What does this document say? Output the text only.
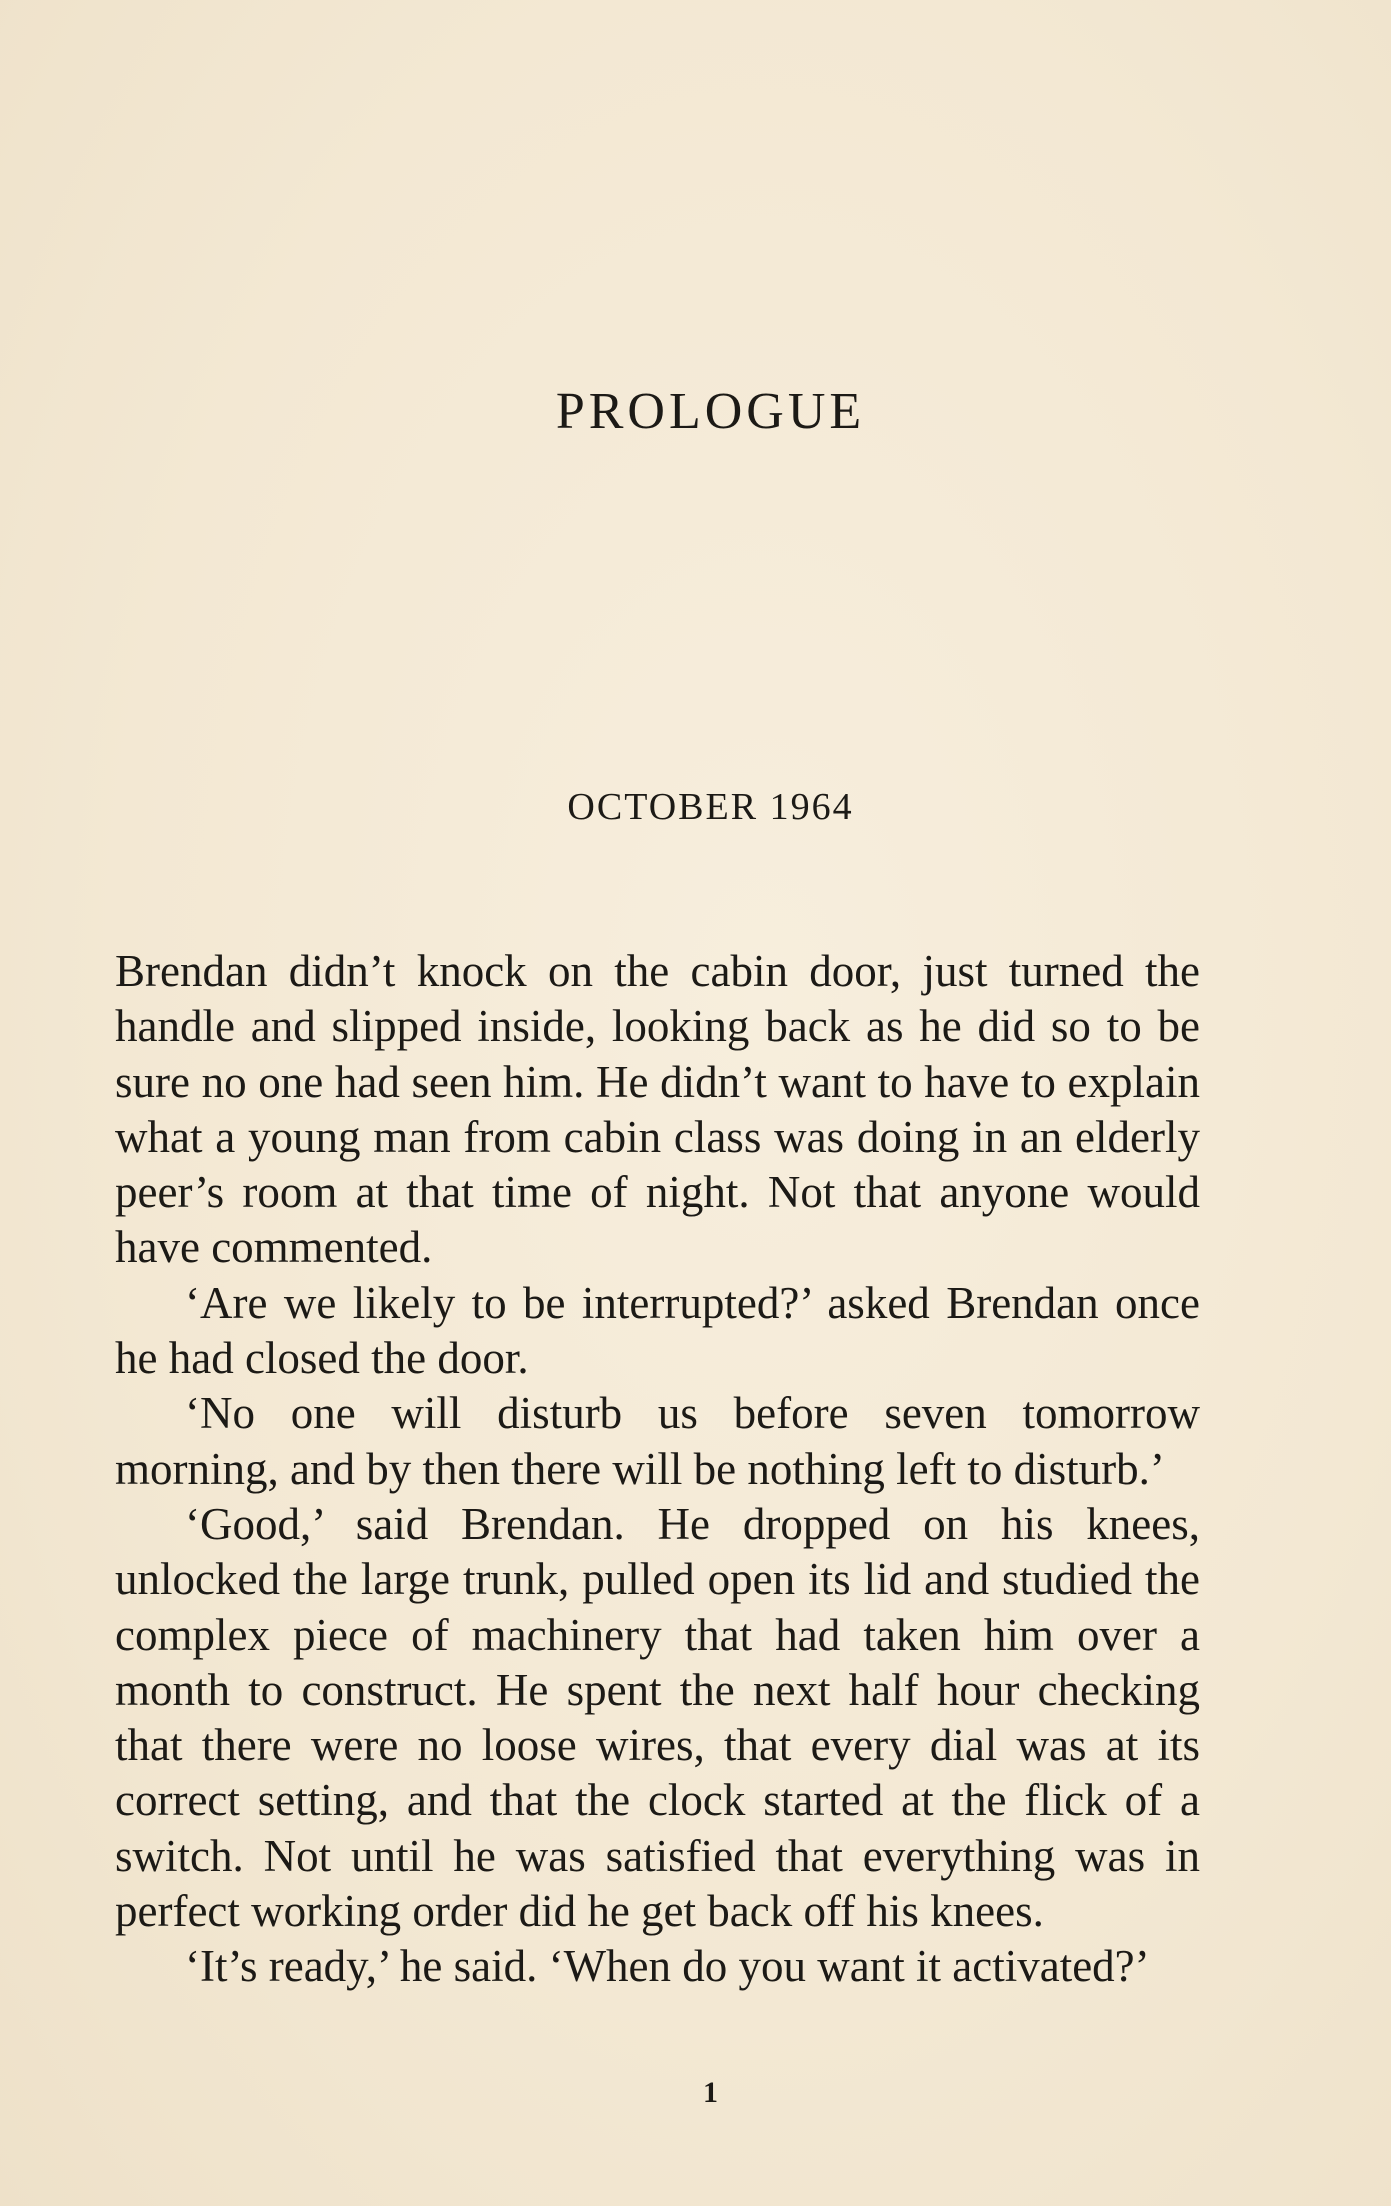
PROLOGUE
OCTOBER 1964

Brendan didn’t knock on the cabin door, just turned the handle and slipped inside, looking back as he did so to be sure no one had seen him. He didn’t want to have to explain what a young man from cabin class was doing in an elderly peer’s room at that time of night. Not that anyone would have commented.

‘Are we likely to be interrupted?’ asked Brendan once he had closed the door.

‘No one will disturb us before seven tomorrow morning, and by then there will be nothing left to disturb.’

‘Good,’ said Brendan. He dropped on his knees, unlocked the large trunk, pulled open its lid and studied the complex piece of machinery that had taken him over a month to construct. He spent the next half hour checking that there were no loose wires, that every dial was at its correct setting, and that the clock started at the flick of a switch. Not until he was satisfied that everything was in perfect working order did he get back off his knees.

‘It’s ready,’ he said. ‘When do you want it activated?’

1
